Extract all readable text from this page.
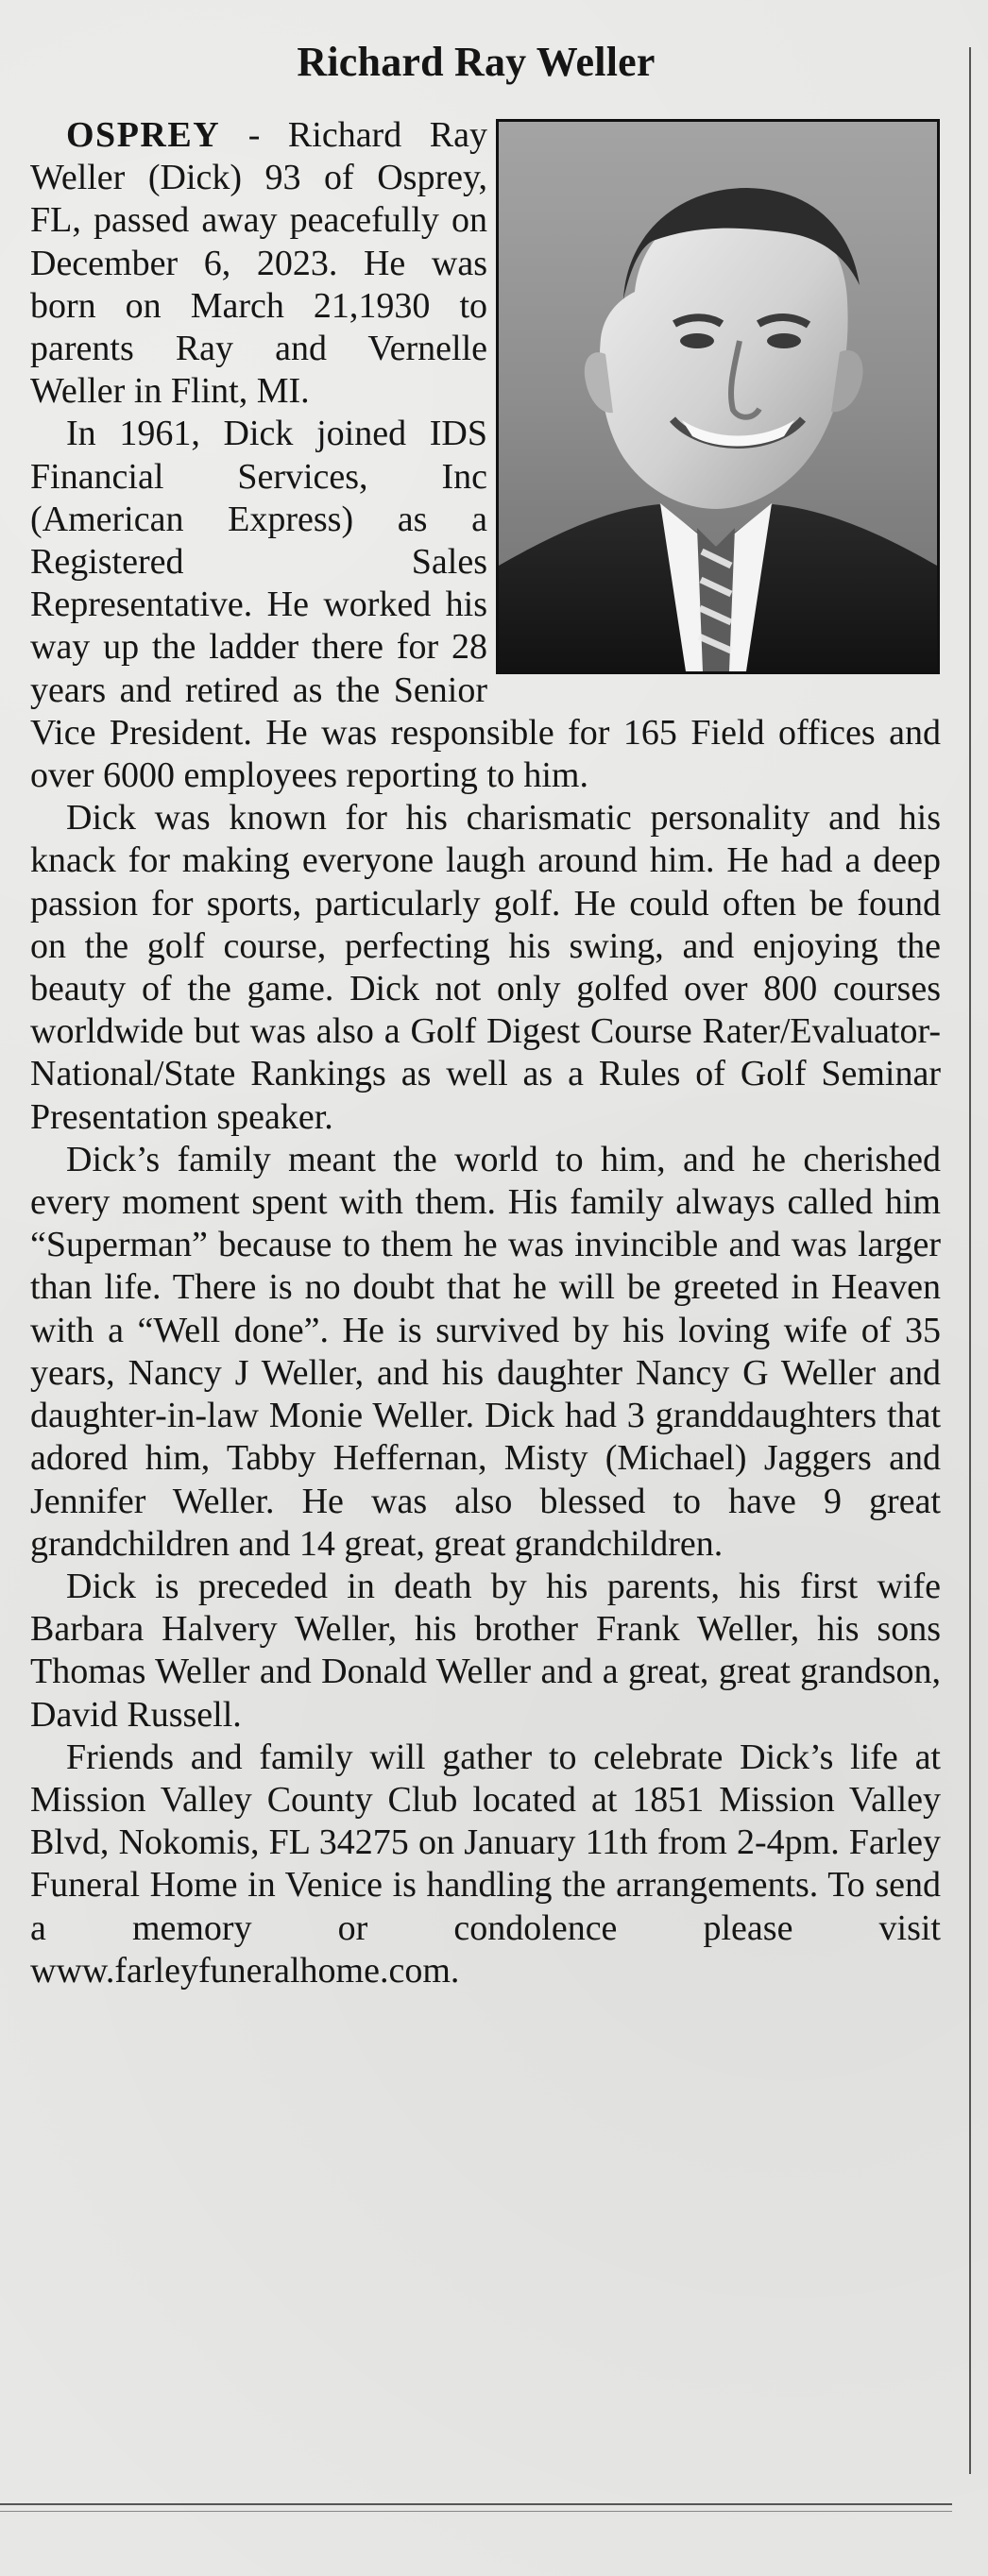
Richard Ray Weller

OSPREY - Richard Ray Weller (Dick) 93 of Osprey, FL, passed away peacefully on December 6, 2023. He was born on March 21,1930 to parents Ray and Vernelle Weller in Flint, MI.

In 1961, Dick joined IDS Financial Services, Inc (American Express) as a Registered Sales Representative. He worked his way up the ladder there for 28 years and retired as the Senior Vice President. He was responsible for 165 Field offices and over 6000 employees reporting to him.

Dick was known for his charismatic personality and his knack for making everyone laugh around him. He had a deep passion for sports, particularly golf. He could often be found on the golf course, perfecting his swing, and enjoying the beauty of the game. Dick not only golfed over 800 courses worldwide but was also a Golf Digest Course Rater/Evaluator-National/State Rankings as well as a Rules of Golf Seminar Presentation speaker.

Dick’s family meant the world to him, and he cherished every moment spent with them. His family always called him “Superman” because to them he was invincible and was larger than life. There is no doubt that he will be greeted in Heaven with a “Well done”. He is survived by his loving wife of 35 years, Nancy J Weller, and his daughter Nancy G Weller and daughter-in-law Monie Weller. Dick had 3 granddaughters that adored him, Tabby Heffernan, Misty (Michael) Jaggers and Jennifer Weller. He was also blessed to have 9 great grandchildren and 14 great, great grandchildren.

Dick is preceded in death by his parents, his first wife Barbara Halvery Weller, his brother Frank Weller, his sons Thomas Weller and Donald Weller and a great, great grandson, David Russell.

Friends and family will gather to celebrate Dick’s life at Mission Valley County Club located at 1851 Mission Valley Blvd, Nokomis, FL 34275 on January 11th from 2-4pm. Farley Funeral Home in Venice is handling the arrangements. To send a memory or condolence please visit www.farleyfuneralhome.com.
